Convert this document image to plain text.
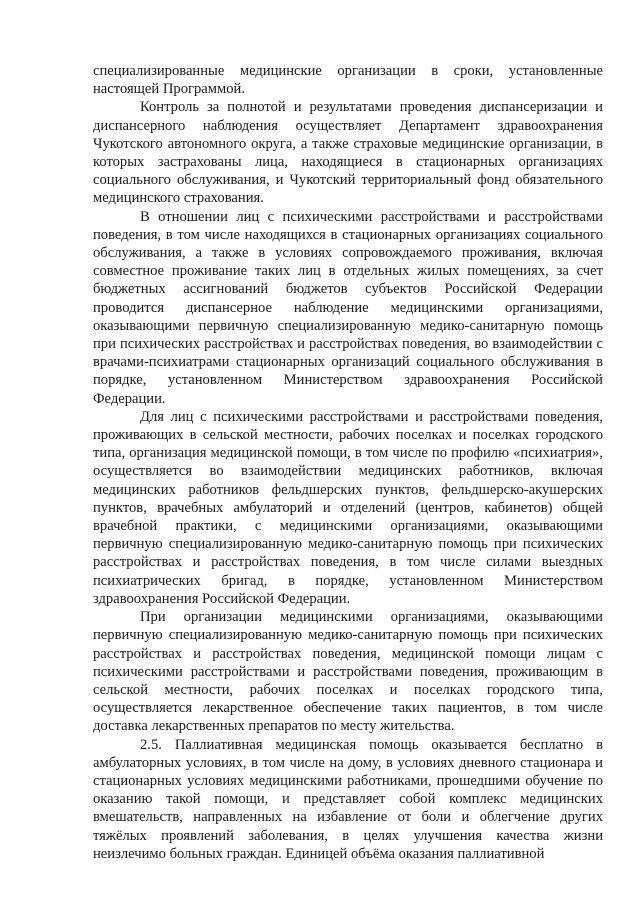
специализированные медицинские организации в сроки, установленные настоящей Программой.

Контроль за полнотой и результатами проведения диспансеризации и диспансерного наблюдения осуществляет Департамент здравоохранения Чукотского автономного округа, а также страховые медицинские организации, в которых застрахованы лица, находящиеся в стационарных организациях социального обслуживания, и Чукотский территориальный фонд обязательного медицинского страхования.

В отношении лиц с психическими расстройствами и расстройствами поведения, в том числе находящихся в стационарных организациях социального обслуживания, а также в условиях сопровождаемого проживания, включая совместное проживание таких лиц в отдельных жилых помещениях, за счет бюджетных ассигнований бюджетов субъектов Российской Федерации проводится диспансерное наблюдение медицинскими организациями, оказывающими первичную специализированную медико-санитарную помощь при психических расстройствах и расстройствах поведения, во взаимодействии с врачами-психиатрами стационарных организаций социального обслуживания в порядке, установленном Министерством здравоохранения Российской Федерации.

Для лиц с психическими расстройствами и расстройствами поведения, проживающих в сельской местности, рабочих поселках и поселках городского типа, организация медицинской помощи, в том числе по профилю «психиатрия», осуществляется во взаимодействии медицинских работников, включая медицинских работников фельдшерских пунктов, фельдшерско-акушерских пунктов, врачебных амбулаторий и отделений (центров, кабинетов) общей врачебной практики, с медицинскими организациями, оказывающими первичную специализированную медико-санитарную помощь при психических расстройствах и расстройствах поведения, в том числе силами выездных психиатрических бригад, в порядке, установленном Министерством здравоохранения Российской Федерации.

При организации медицинскими организациями, оказывающими первичную специализированную медико-санитарную помощь при психических расстройствах и расстройствах поведения, медицинской помощи лицам с психическими расстройствами и расстройствами поведения, проживающим в сельской местности, рабочих поселках и поселках городского типа, осуществляется лекарственное обеспечение таких пациентов, в том числе доставка лекарственных препаратов по месту жительства.

2.5. Паллиативная медицинская помощь оказывается бесплатно в амбулаторных условиях, в том числе на дому, в условиях дневного стационара и стационарных условиях медицинскими работниками, прошедшими обучение по оказанию такой помощи, и представляет собой комплекс медицинских вмешательств, направленных на избавление от боли и облегчение других тяжёлых проявлений заболевания, в целях улучшения качества жизни неизлечимо больных граждан. Единицей объёма оказания паллиативной
